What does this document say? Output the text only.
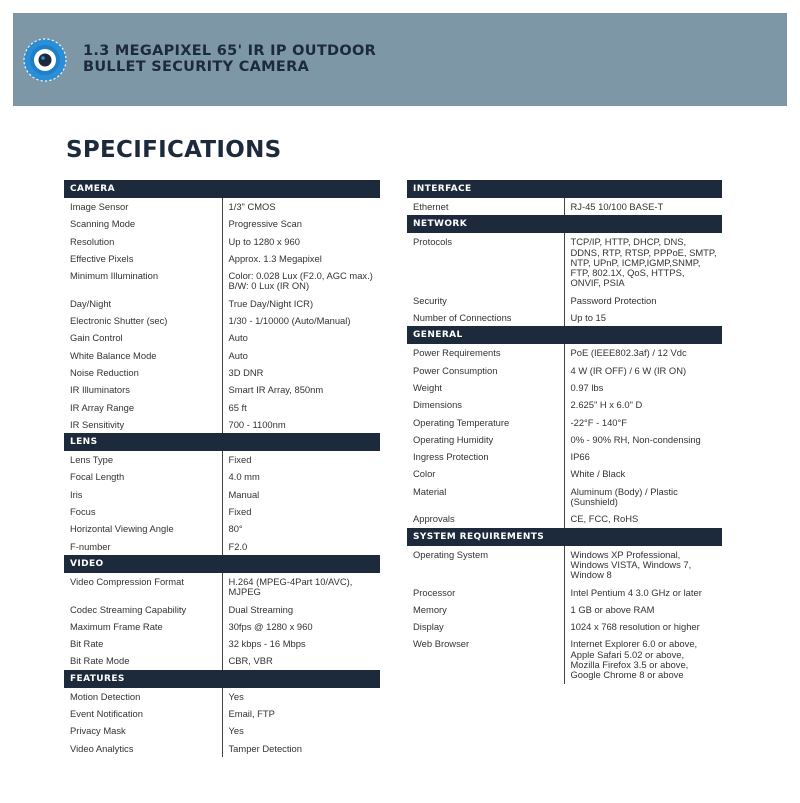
1.3 MEGAPIXEL 65' IR IP OUTDOOR
BULLET SECURITY CAMERA
SPECIFICATIONS
CAMERA
Image Sensor	1/3" CMOS
Scanning Mode	Progressive Scan
Resolution	Up to 1280 x 960
Effective Pixels	Approx. 1.3 Megapixel
Minimum Illumination	Color: 0.028 Lux (F2.0, AGC max.)
B/W: 0 Lux (IR ON)
Day/Night	True Day/Night ICR)
Electronic Shutter (sec)	1/30 - 1/10000 (Auto/Manual)
Gain Control	Auto
White Balance Mode	Auto
Noise Reduction	3D DNR
IR Illuminators	Smart IR Array, 850nm
IR Array Range	65 ft
IR Sensitivity	700 - 1100nm
LENS
Lens Type	Fixed
Focal Length	4.0 mm
Iris	Manual
Focus	Fixed
Horizontal Viewing Angle	80°
F-number	F2.0
VIDEO
Video Compression Format	H.264 (MPEG-4Part 10/AVC),
MJPEG
Codec Streaming Capability	Dual Streaming
Maximum Frame Rate	30fps @ 1280 x 960
Bit Rate	32 kbps - 16 Mbps
Bit Rate Mode	CBR, VBR
FEATURES
Motion Detection	Yes
Event Notification	Email, FTP
Privacy Mask	Yes
Video Analytics	Tamper Detection
INTERFACE
Ethernet	RJ-45 10/100 BASE-T
NETWORK
Protocols	TCP/IP, HTTP, DHCP, DNS,
DDNS, RTP, RTSP, PPPoE, SMTP,
NTP, UPnP, ICMP,IGMP,SNMP,
FTP, 802.1X, QoS, HTTPS,
ONVIF, PSIA
Security	Password Protection
Number of Connections	Up to 15
GENERAL
Power Requirements	PoE (IEEE802.3af) / 12 Vdc
Power Consumption	4 W (IR OFF) / 6 W (IR ON)
Weight	0.97 lbs
Dimensions	2.625" H x 6.0" D
Operating Temperature	-22°F - 140°F
Operating Humidity	0% - 90% RH, Non-condensing
Ingress Protection	IP66
Color	White / Black
Material	Aluminum (Body) / Plastic
(Sunshield)
Approvals	CE, FCC, RoHS
SYSTEM REQUIREMENTS
Operating System	Windows XP Professional,
Windows VISTA, Windows 7,
Window 8
Processor	Intel Pentium 4 3.0 GHz or later
Memory	1 GB or above RAM
Display	1024 x 768 resolution or higher
Web Browser	Internet Explorer 6.0 or above,
Apple Safari 5.02 or above,
Mozilla Firefox 3.5 or above,
Google Chrome 8 or above
